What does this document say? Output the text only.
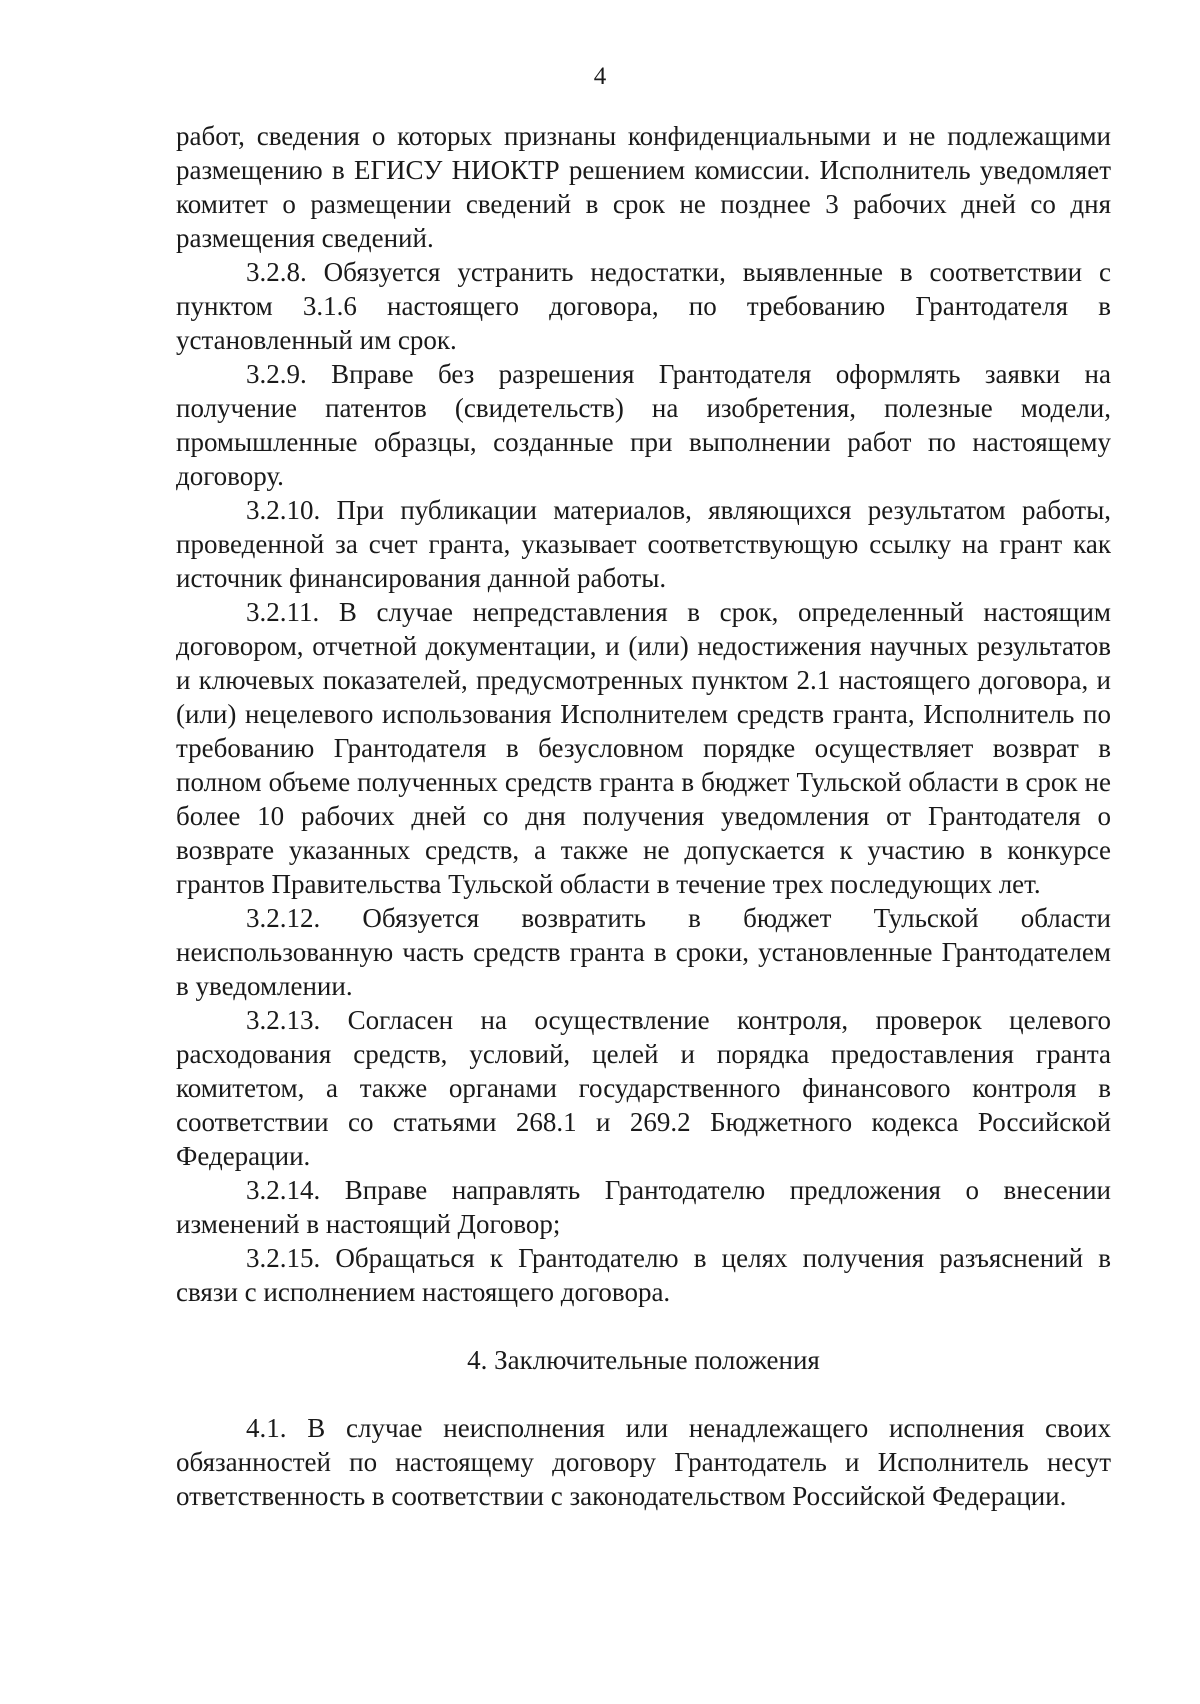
4

работ, сведения о которых признаны конфиденциальными и не подлежащими размещению в ЕГИСУ НИОКТР решением комиссии. Исполнитель уведомляет комитет о размещении сведений в срок не позднее 3 рабочих дней со дня размещения сведений.

3.2.8. Обязуется устранить недостатки, выявленные в соответствии с пунктом 3.1.6 настоящего договора, по требованию Грантодателя в установленный им срок.

3.2.9. Вправе без разрешения Грантодателя оформлять заявки на получение патентов (свидетельств) на изобретения, полезные модели, промышленные образцы, созданные при выполнении работ по настоящему договору.

3.2.10. При публикации материалов, являющихся результатом работы, проведенной за счет гранта, указывает соответствующую ссылку на грант как источник финансирования данной работы.

3.2.11. В случае непредставления в срок, определенный настоящим договором, отчетной документации, и (или) недостижения научных результатов и ключевых показателей, предусмотренных пунктом 2.1 настоящего договора, и (или) нецелевого использования Исполнителем средств гранта, Исполнитель по требованию Грантодателя в безусловном порядке осуществляет возврат в полном объеме полученных средств гранта в бюджет Тульской области в срок не более 10 рабочих дней со дня получения уведомления от Грантодателя о возврате указанных средств, а также не допускается к участию в конкурсе грантов Правительства Тульской области в течение трех последующих лет.

3.2.12. Обязуется возвратить в бюджет Тульской области неиспользованную часть средств гранта в сроки, установленные Грантодателем в уведомлении.

3.2.13. Согласен на осуществление контроля, проверок целевого расходования средств, условий, целей и порядка предоставления гранта комитетом, а также органами государственного финансового контроля в соответствии со статьями 268.1 и 269.2 Бюджетного кодекса Российской Федерации.

3.2.14. Вправе направлять Грантодателю предложения о внесении изменений в настоящий Договор;

3.2.15. Обращаться к Грантодателю в целях получения разъяснений в связи с исполнением настоящего договора.

4. Заключительные положения

4.1. В случае неисполнения или ненадлежащего исполнения своих обязанностей по настоящему договору Грантодатель и Исполнитель несут ответственность в соответствии с законодательством Российской Федерации.
